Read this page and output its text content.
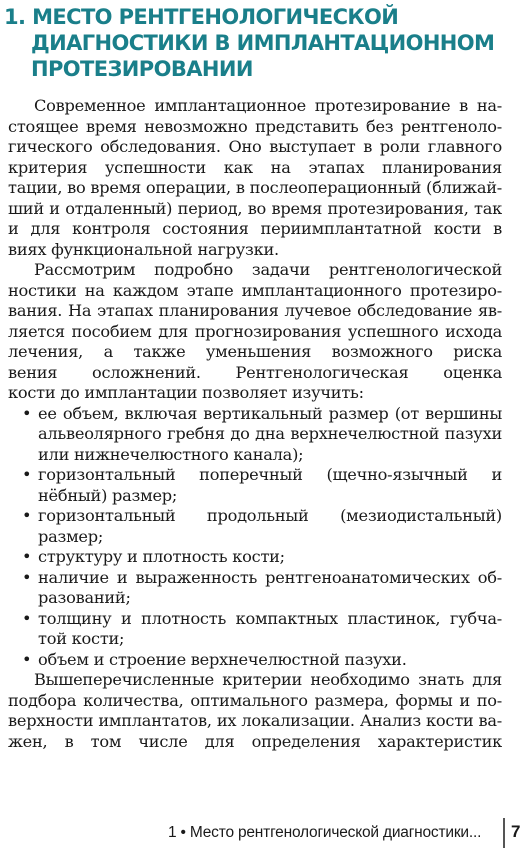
1. МЕСТО РЕНТГЕНОЛОГИЧЕСКОЙ
ДИАГНОСТИКИ В ИМПЛАНТАЦИОННОМ
ПРОТЕЗИРОВАНИИ
Современное имплантационное протезирование в на-
стоящее время невозможно представить без рентгеноло-
гического обследования. Оно выступает в роли главного
критерия успешности как на этапах планирования
тации, во время операции, в послеоперационный (ближай-
ший и отдаленный) период, во время протезирования, так
и для контроля состояния периимплантатной кости в
виях функциональной нагрузки.
Рассмотрим подробно задачи рентгенологической
ностики на каждом этапе имплантационного протезиро-
вания. На этапах планирования лучевое обследование яв-
ляется пособием для прогнозирования успешного исхода
лечения, а также уменьшения возможного риска
вения осложнений. Рентгенологическая оценка
кости до имплантации позволяет изучить:
ее объем, включая вертикальный размер (от вершины
•
альвеолярного гребня до дна верхнечелюстной пазухи
или нижнечелюстного канала);
горизонтальный поперечный (щечно-язычный и
•
нёбный) размер;
горизонтальный продольный (мезиодистальный)
•
размер;
структуру и плотность кости;
•
наличие и выраженность рентгеноанатомических об-
•
разований;
толщину и плотность компактных пластинок, губча-
•
той кости;
объем и строение верхнечелюстной пазухи.
•
Вышеперечисленные критерии необходимо знать для
подбора количества, оптимального размера, формы и по-
верхности имплантатов, их локализации. Анализ кости ва-
жен, в том числе для определения характеристик
1 • Место рентгенологической диагностики... 7
